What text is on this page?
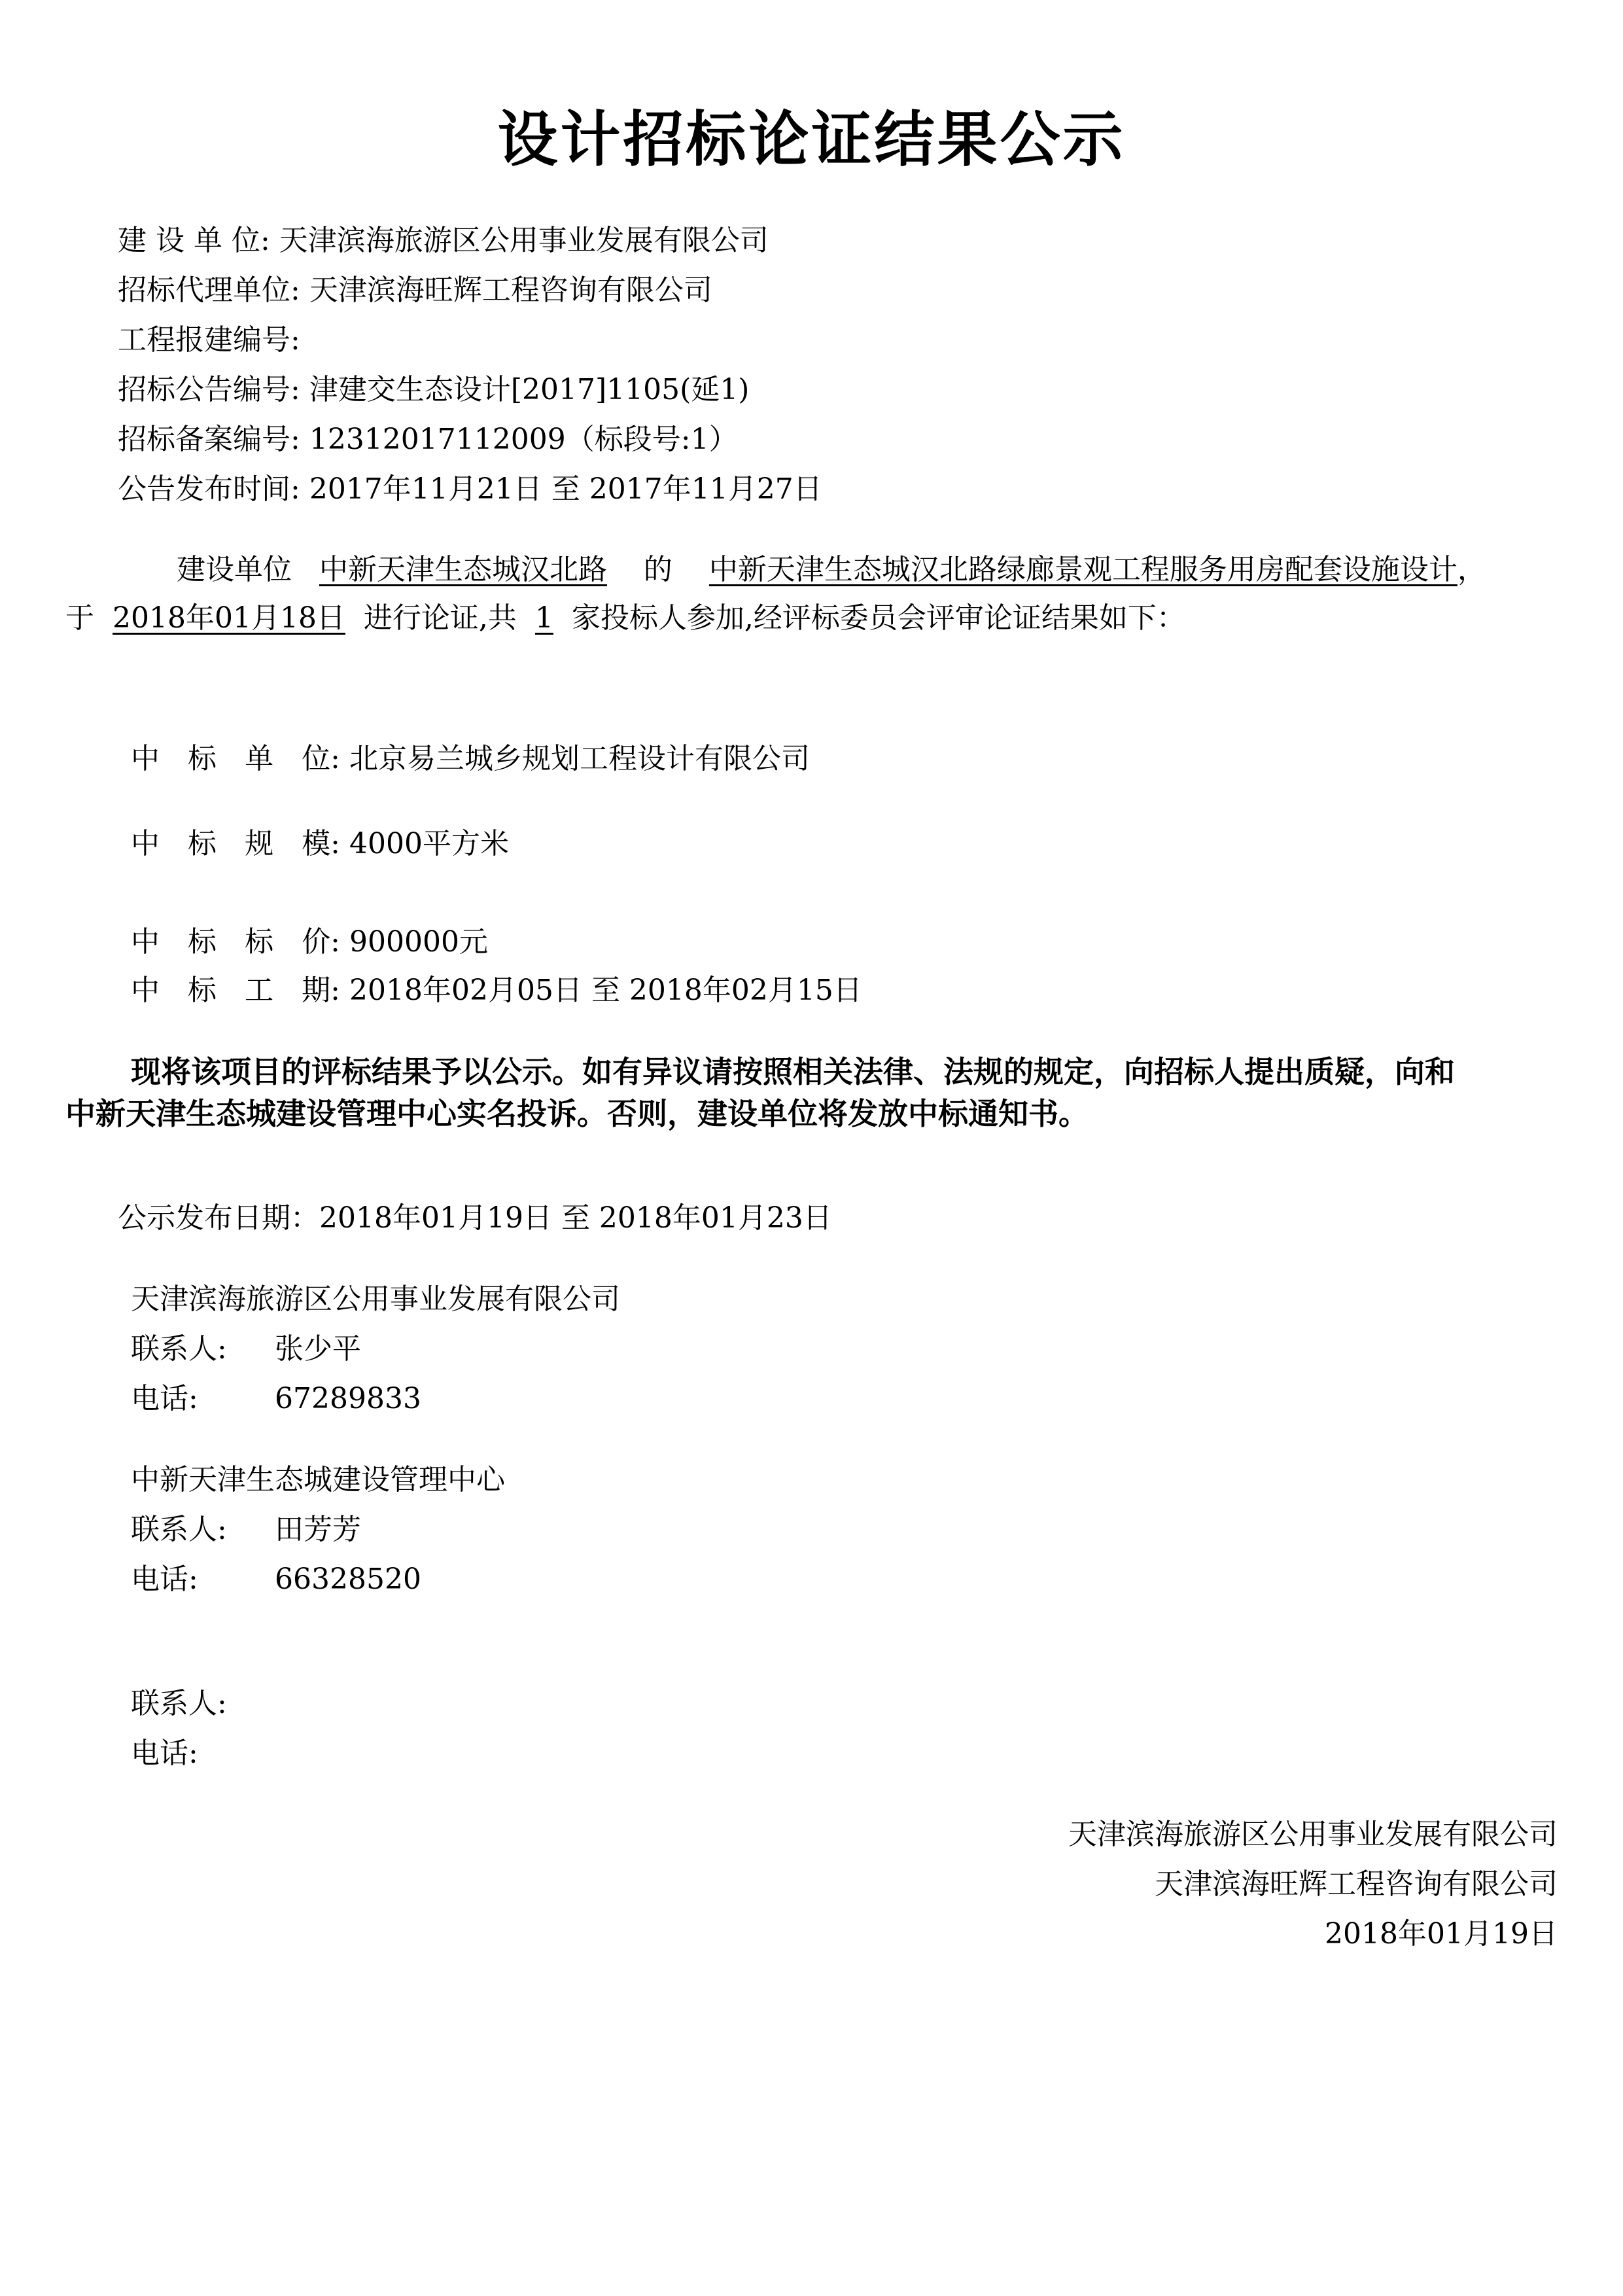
设计招标论证结果公示
建 设 单 位: 天津滨海旅游区公用事业发展有限公司
招标代理单位: 天津滨海旺辉工程咨询有限公司
工程报建编号:
招标公告编号: 津建交生态设计[2017]1105(延1)
招标备案编号: 12312017112009（标段号:1）
公告发布时间: 2017年11月21日 至 2017年11月27日
建设单位 中新天津生态城汉北路 的 中新天津生态城汉北路绿廊景观工程服务用房配套设施设计，于 2018年01月18日 进行论证,共 1 家投标人参加,经评标委员会评审论证结果如下：
中 标 单 位: 北京易兰城乡规划工程设计有限公司
中 标 规 模: 4000平方米
中 标 标 价: 900000元
中 标 工 期: 2018年02月05日 至 2018年02月15日
现将该项目的评标结果予以公示。如有异议请按照相关法律、法规的规定，向招标人提出质疑，向和中新天津生态城建设管理中心实名投诉。否则，建设单位将发放中标通知书。
公示发布日期：2018年01月19日 至 2018年01月23日
天津滨海旅游区公用事业发展有限公司
联系人: 张少平
电话:	67289833
中新天津生态城建设管理中心
联系人: 田芳芳
电话:	66328520
联系人:
电话:
天津滨海旅游区公用事业发展有限公司
天津滨海旺辉工程咨询有限公司
2018年01月19日
